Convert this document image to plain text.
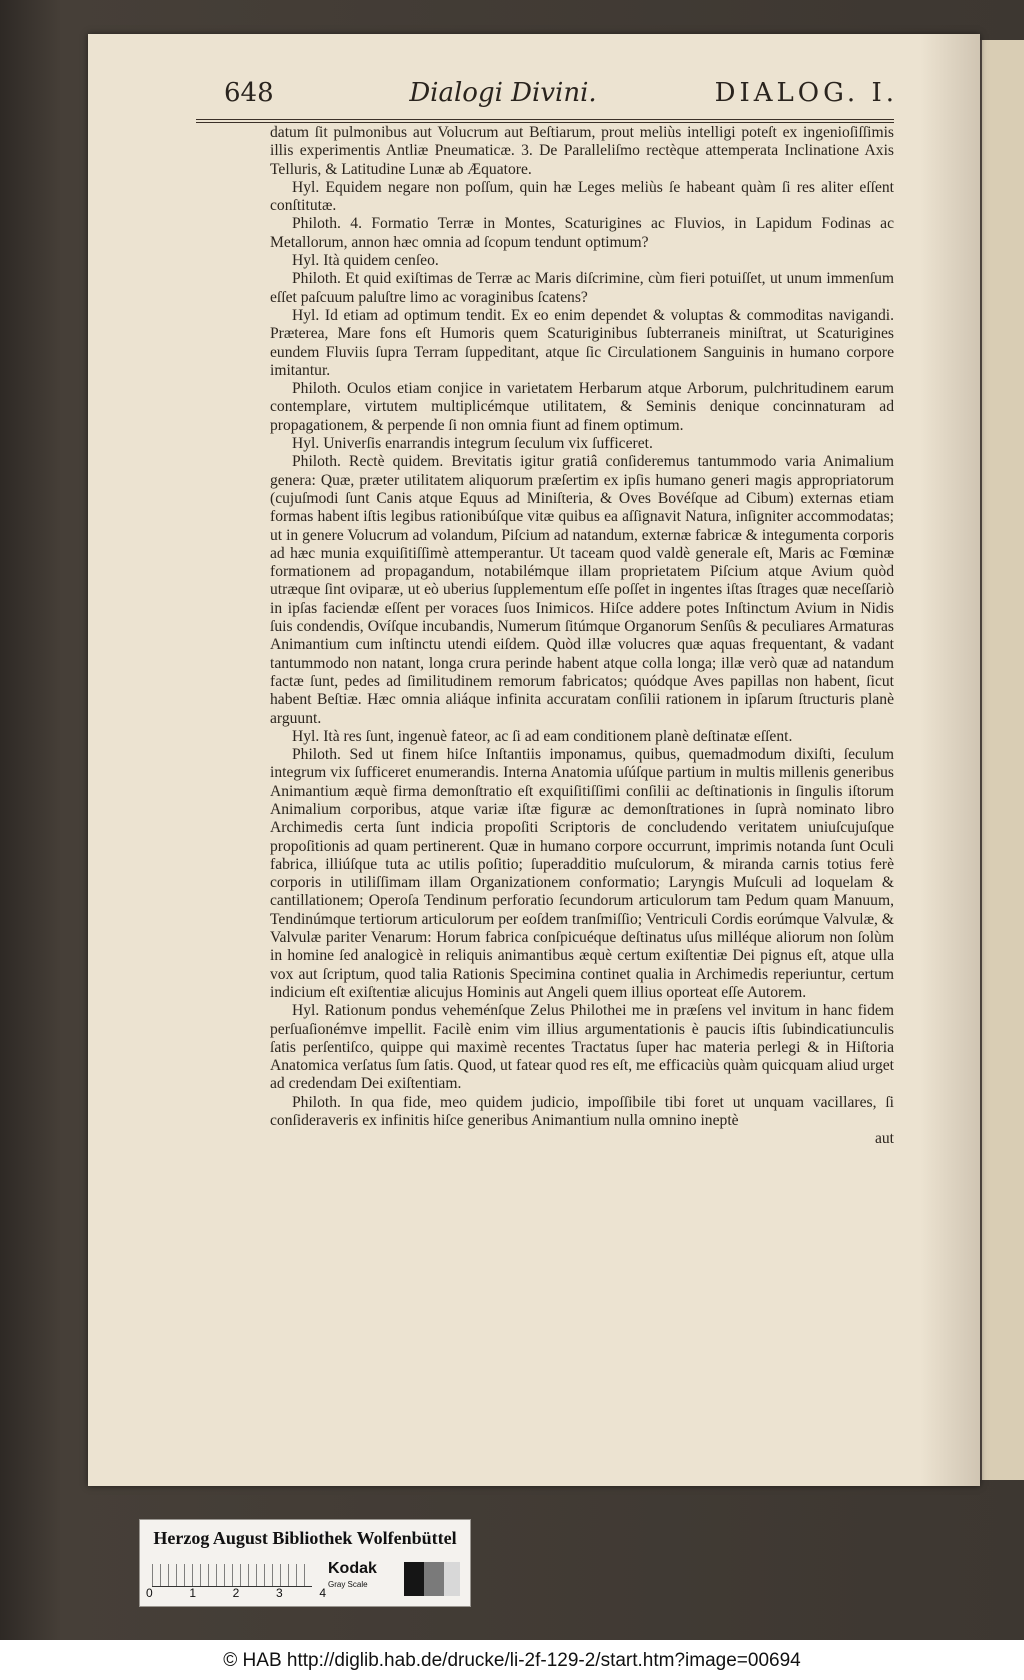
648	Dialogi Divini.	DIALOG. I.

datum ſit pulmonibus aut Volucrum aut Beſtiarum, prout meliùs intelligi poteſt ex ingenioſiſſimis illis experimentis Antliæ Pneumaticæ. 3. De Paralleliſmo rectèque attemperata Inclinatione Axis Telluris, & Latitudine Lunæ ab Æquatore.

Hyl. Equidem negare non poſſum, quin hæ Leges meliùs ſe habeant quàm ſi res aliter eſſent conſtitutæ.

Philoth. 4. Formatio Terræ in Montes, Scaturigines ac Fluvios, in Lapidum Fodinas ac Metallorum, annon hæc omnia ad ſcopum tendunt optimum?

Hyl. Ità quidem cenſeo.

Philoth. Et quid exiſtimas de Terræ ac Maris diſcrimine, cùm fieri potuiſſet, ut unum immenſum eſſet paſcuum paluſtre limo ac voraginibus ſcatens?

Hyl. Id etiam ad optimum tendit. Ex eo enim dependet & voluptas & commoditas navigandi. Præterea, Mare fons eſt Humoris quem Scaturiginibus ſubterraneis miniſtrat, ut Scaturigines eundem Fluviis ſupra Terram ſuppeditant, atque ſic Circulationem Sanguinis in humano corpore imitantur.

Philoth. Oculos etiam conjice in varietatem Herbarum atque Arborum, pulchritudinem earum contemplare, virtutem multiplicémque utilitatem, & Seminis denique concinnaturam ad propagationem, & perpende ſi non omnia fiunt ad finem optimum.

Hyl. Univerſis enarrandis integrum ſeculum vix ſufficeret.

Philoth. Rectè quidem. Brevitatis igitur gratiâ conſideremus tantummodo varia Animalium genera: Quæ, præter utilitatem aliquorum præſertim ex ipſis humano generi magis appropriatorum (cujuſmodi ſunt Canis atque Equus ad Miniſteria, & Oves Bovéſque ad Cibum) externas etiam formas habent iſtis legibus rationibúſque vitæ quibus ea aſſignavit Natura, inſigniter accommodatas; ut in genere Volucrum ad volandum, Piſcium ad natandum, externæ fabricæ & integumenta corporis ad hæc munia exquiſitiſſimè attemperantur. Ut taceam quod valdè generale eſt, Maris ac Fœminæ formationem ad propagandum, notabilémque illam proprietatem Piſcium atque Avium quòd utræque ſint oviparæ, ut eò uberius ſupplementum eſſe poſſet in ingentes iſtas ſtrages quæ neceſſariò in ipſas faciendæ eſſent per voraces ſuos Inimicos. Hiſce addere potes Inſtinctum Avium in Nidis ſuis condendis, Ovíſque incubandis, Numerum ſitúmque Organorum Senſûs & peculiares Armaturas Animantium cum inſtinctu utendi eiſdem. Quòd illæ volucres quæ aquas frequentant, & vadant tantummodo non natant, longa crura perinde habent atque colla longa; illæ verò quæ ad natandum factæ ſunt, pedes ad ſimilitudinem remorum fabricatos; quódque Aves papillas non habent, ſicut habent Beſtiæ. Hæc omnia aliáque infinita accuratam conſilii rationem in ipſarum ſtructuris planè arguunt.

Hyl. Ità res ſunt, ingenuè fateor, ac ſi ad eam conditionem planè deſtinatæ eſſent.

Philoth. Sed ut finem hiſce Inſtantiis imponamus, quibus, quemadmodum dixiſti, ſeculum integrum vix ſufficeret enumerandis. Interna Anatomia uſúſque partium in multis millenis generibus Animantium æquè firma demonſtratio eſt exquiſitiſſimi conſilii ac deſtinationis in ſingulis iſtorum Animalium corporibus, atque variæ iſtæ figuræ ac demonſtrationes in ſuprà nominato libro Archimedis certa ſunt indicia propoſiti Scriptoris de concludendo veritatem uniuſcujuſque propoſitionis ad quam pertinerent. Quæ in humano corpore occurrunt, imprimis notanda ſunt Oculi fabrica, illiúſque tuta ac utilis poſitio; ſuperadditio muſculorum, & miranda carnis totius ferè corporis in utiliſſimam illam Organizationem conformatio; Laryngis Muſculi ad loquelam & cantillationem; Operoſa Tendinum perforatio ſecundorum articulorum tam Pedum quam Manuum, Tendinúmque tertiorum articulorum per eoſdem tranſmiſſio; Ventriculi Cordis eorúmque Valvulæ, & Valvulæ pariter Venarum: Horum fabrica conſpicuéque deſtinatus uſus milléque aliorum non ſolùm in homine ſed analogicè in reliquis animantibus æquè certum exiſtentiæ Dei pignus eſt, atque ulla vox aut ſcriptum, quod talia Rationis Specimina continet qualia in Archimedis reperiuntur, certum indicium eſt exiſtentiæ alicujus Hominis aut Angeli quem illius oporteat eſſe Autorem.

Hyl. Rationum pondus veheménſque Zelus Philothei me in præſens vel invitum in hanc fidem perſuaſionémve impellit. Facilè enim vim illius argumentationis è paucis iſtis ſubindicatiunculis ſatis perſentiſco, quippe qui maximè recentes Tractatus ſuper hac materia perlegi & in Hiſtoria Anatomica verſatus ſum ſatis. Quod, ut fatear quod res eſt, me efficaciùs quàm quicquam aliud urget ad credendam Dei exiſtentiam.

Philoth. In qua fide, meo quidem judicio, impoſſibile tibi foret ut unquam vacillares, ſi conſideraveris ex infinitis hiſce generibus Animantium nulla omnino ineptè

aut

Herzog August Bibliothek Wolfenbüttel
0	1	2	3	4
Kodak
Gray Scale
© HAB http://diglib.hab.de/drucke/li-2f-129-2/start.htm?image=00694
